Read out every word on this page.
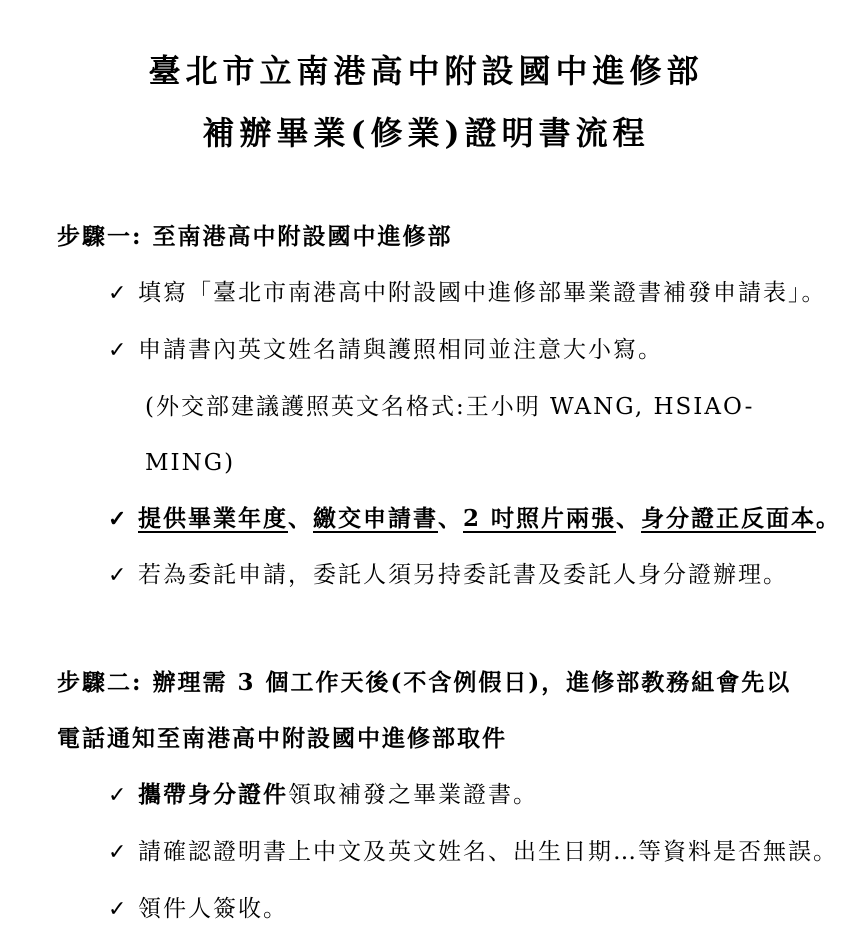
臺北市立南港高中附設國中進修部
補辦畢業(修業)證明書流程
步驟一: 至南港高中附設國中進修部
✓ 填寫「臺北市南港高中附設國中進修部畢業證書補發申請表」。
✓ 申請書內英文姓名請與護照相同並注意大小寫。
(外交部建議護照英文名格式:王小明 WANG, HSIAO-MING)
✓ 提供畢業年度、繳交申請書、2 吋照片兩張、身分證正反面本。
✓ 若為委託申請，委託人須另持委託書及委託人身分證辦理。
步驟二: 辦理需 3 個工作天後(不含例假日)，進修部教務組會先以
電話通知至南港高中附設國中進修部取件
✓ 攜帶身分證件領取補發之畢業證書。
✓ 請確認證明書上中文及英文姓名、出生日期…等資料是否無誤。
✓ 領件人簽收。
